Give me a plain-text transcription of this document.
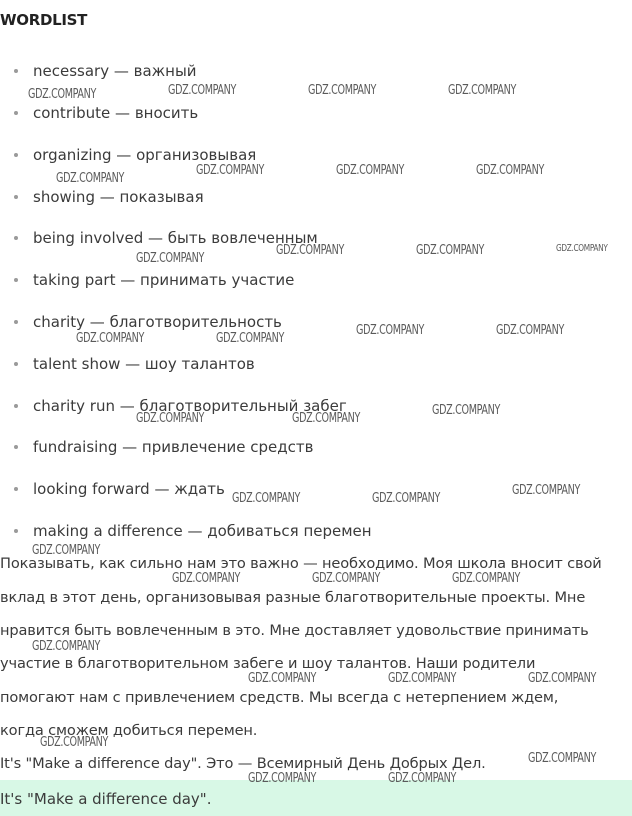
WORDLIST
necessary — важный
contribute — вносить
organizing — организовывая
showing — показывая
being involved — быть вовлеченным
taking part — принимать участие
charity — благотворительность
talent show — шоу талантов
charity run — благотворительный забег
fundraising — привлечение средств
looking forward — ждать
making a difference — добиваться перемен
Показывать, как сильно нам это важно — необходимо. Моя школа вносит свой
вклад в этот день, организовывая разные благотворительные проекты. Мне
нравится быть вовлеченным в это. Мне доставляет удовольствие принимать
участие в благотворительном забеге и шоу талантов. Наши родители
помогают нам с привлечением средств. Мы всегда с нетерпением ждем,
когда сможем добиться перемен.
It's "Make a difference day". Это — Всемирный День Добрых Дел.
It's "Make a difference day".
GDZ.COMPANY	GDZ.COMPANY	GDZ.COMPANY	GDZ.COMPANY
GDZ.COMPANY
GDZ.COMPANY	GDZ.COMPANY	GDZ.COMPANY
GDZ.COMPANY
GDZ.COMPANY	GDZ.COMPANY	GDZ.COMPANY
GDZ.COMPANY	GDZ.COMPANY
GDZ.COMPANY	GDZ.COMPANY
GDZ.COMPANY	GDZ.COMPANY
GDZ.COMPANY
GDZ.COMPANY	GDZ.COMPANY
GDZ.COMPANY
GDZ.COMPANY
GDZ.COMPANY	GDZ.COMPANY	GDZ.COMPANY
GDZ.COMPANY
GDZ.COMPANY	GDZ.COMPANY	GDZ.COMPANY
GDZ.COMPANY
GDZ.COMPANY
GDZ.COMPANY	GDZ.COMPANY
